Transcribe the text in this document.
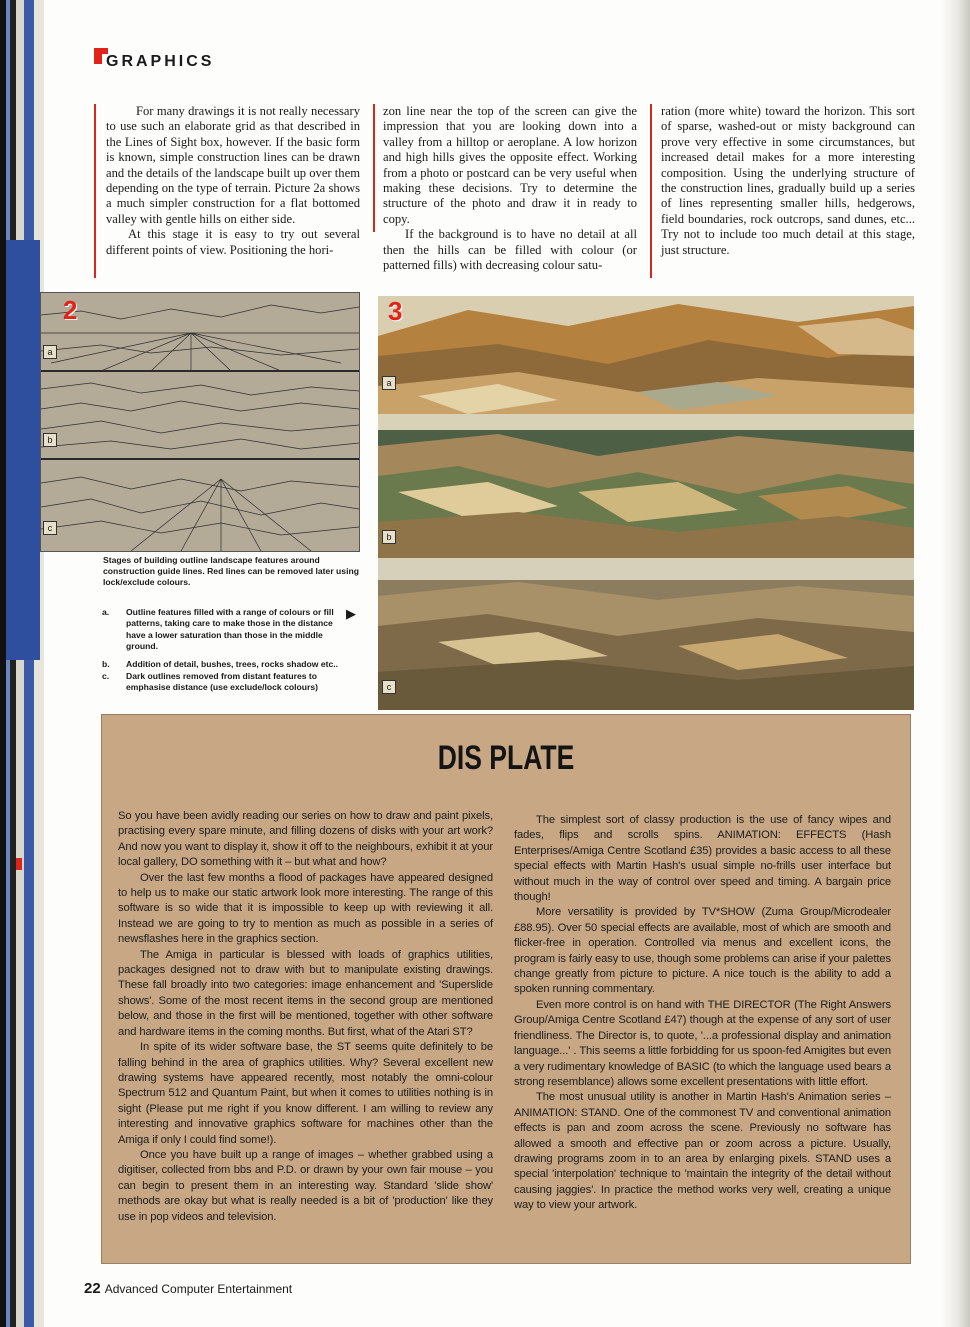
GRAPHICS

For many drawings it is not really necessary to use such an elaborate grid as that described in the Lines of Sight box, however. If the basic form is known, simple construction lines can be drawn and the details of the landscape built up over them depending on the type of terrain. Picture 2a shows a much simpler construction for a flat bottomed valley with gentle hills on either side.

At this stage it is easy to try out several different points of view. Positioning the hori-

zon line near the top of the screen can give the impression that you are looking down into a valley from a hilltop or aeroplane. A low horizon and high hills gives the opposite effect. Working from a photo or postcard can be very useful when making these decisions. Try to determine the structure of the photo and draw it in ready to copy.

If the background is to have no detail at all then the hills can be filled with colour (or patterned fills) with decreasing colour satu-

ration (more white) toward the horizon. This sort of sparse, washed-out or misty background can prove very effective in some circumstances, but increased detail makes for a more interesting composition. Using the underlying structure of the construction lines, gradually build up a series of lines representing smaller hills, hedgerows, field boundaries, rock outcrops, sand dunes, etc... Try not to include too much detail at this stage, just structure.

2
a
b
c
Stages of building outline landscape features around construction guide lines. Red lines can be removed later using lock/exclude colours.
a. Outline features filled with a range of colours or fill patterns, taking care to make those in the distance have a lower saturation than those in the middle ground.
▶
b. Addition of detail, bushes, trees, rocks shadow etc..
c. Dark outlines removed from distant features to emphasise distance (use exclude/lock colours)
3
a
b
c
DIS PLATE

So you have been avidly reading our series on how to draw and paint pixels, practising every spare minute, and filling dozens of disks with your art work? And now you want to display it, show it off to the neighbours, exhibit it at your local gallery, DO something with it – but what and how?

Over the last few months a flood of packages have appeared designed to help us to make our static artwork look more interesting. The range of this software is so wide that it is impossible to keep up with reviewing it all. Instead we are going to try to mention as much as possible in a series of newsflashes here in the graphics section.

The Amiga in particular is blessed with loads of graphics utilities, packages designed not to draw with but to manipulate existing drawings. These fall broadly into two categories: image enhancement and 'Superslide shows'. Some of the most recent items in the second group are mentioned below, and those in the first will be mentioned, together with other software and hardware items in the coming months. But first, what of the Atari ST?

In spite of its wider software base, the ST seems quite definitely to be falling behind in the area of graphics utilities. Why? Several excellent new drawing systems have appeared recently, most notably the omni-colour Spectrum 512 and Quantum Paint, but when it comes to utilities nothing is in sight (Please put me right if you know different. I am willing to review any interesting and innovative graphics software for machines other than the Amiga if only I could find some!).

Once you have built up a range of images – whether grabbed using a digitiser, collected from bbs and P.D. or drawn by your own fair mouse – you can begin to present them in an interesting way. Standard 'slide show' methods are okay but what is really needed is a bit of 'production' like they use in pop videos and television.

The simplest sort of classy production is the use of fancy wipes and fades, flips and scrolls spins. ANIMATION: EFFECTS (Hash Enterprises/Amiga Centre Scotland £35) provides a basic access to all these special effects with Martin Hash's usual simple no-frills user interface but without much in the way of control over speed and timing. A bargain price though!

More versatility is provided by TV*SHOW (Zuma Group/Microdealer £88.95). Over 50 special effects are available, most of which are smooth and flicker-free in operation. Controlled via menus and excellent icons, the program is fairly easy to use, though some problems can arise if your palettes change greatly from picture to picture. A nice touch is the ability to add a spoken running commentary.

Even more control is on hand with THE DIRECTOR (The Right Answers Group/Amiga Centre Scotland £47) though at the expense of any sort of user friendliness. The Director is, to quote, '...a professional display and animation language...' . This seems a little forbidding for us spoon-fed Amigites but even a very rudimentary knowledge of BASIC (to which the language used bears a strong resemblance) allows some excellent presentations with little effort.

The most unusual utility is another in Martin Hash's Animation series – ANIMATION: STAND. One of the commonest TV and conventional animation effects is pan and zoom across the scene. Previously no software has allowed a smooth and effective pan or zoom across a picture. Usually, drawing programs zoom in to an area by enlarging pixels. STAND uses a special 'interpolation' technique to 'maintain the integrity of the detail without causing jaggies'. In practice the method works very well, creating a unique way to view your artwork.

22 Advanced Computer Entertainment
